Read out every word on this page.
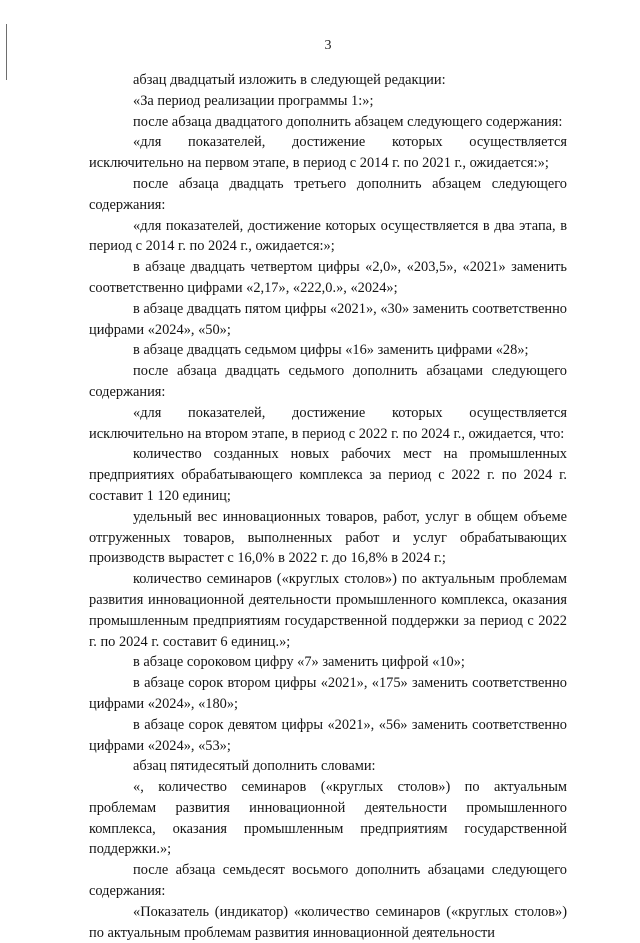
3

абзац двадцатый изложить в следующей редакции:

«За период реализации программы 1:»;

после абзаца двадцатого дополнить абзацем следующего содержания:

«для показателей, достижение которых осуществляется исключительно на первом этапе, в период с 2014 г. по 2021 г., ожидается:»;

после абзаца двадцать третьего дополнить абзацем следующего содержания:

«для показателей, достижение которых осуществляется в два этапа, в период с 2014 г. по 2024 г., ожидается:»;

в абзаце двадцать четвертом цифры «2,0», «203,5», «2021» заменить соответственно цифрами «2,17», «222,0.», «2024»;

в абзаце двадцать пятом цифры «2021», «30» заменить соответственно цифрами «2024», «50»;

в абзаце двадцать седьмом цифры «16» заменить цифрами «28»;

после абзаца двадцать седьмого дополнить абзацами следующего содержания:

«для показателей, достижение которых осуществляется исключительно на втором этапе, в период с 2022 г. по 2024 г., ожидается, что:

количество созданных новых рабочих мест на промышленных предприятиях обрабатывающего комплекса за период с 2022 г. по 2024 г. составит 1 120 единиц;

удельный вес инновационных товаров, работ, услуг в общем объеме отгруженных товаров, выполненных работ и услуг обрабатывающих производств вырастет с 16,0% в 2022 г. до 16,8% в 2024 г.;

количество семинаров («круглых столов») по актуальным проблемам развития инновационной деятельности промышленного комплекса, оказания промышленным предприятиям государственной поддержки за период с 2022 г. по 2024 г. составит 6 единиц.»;

в абзаце сороковом цифру «7» заменить цифрой «10»;

в абзаце сорок втором цифры «2021», «175» заменить соответственно цифрами «2024», «180»;

в абзаце сорок девятом цифры «2021», «56» заменить соответственно цифрами «2024», «53»;

абзац пятидесятый дополнить словами:

«, количество семинаров («круглых столов») по актуальным проблемам развития инновационной деятельности промышленного комплекса, оказания промышленным предприятиям государственной поддержки.»;

после абзаца семьдесят восьмого дополнить абзацами следующего содержания:

«Показатель (индикатор) «количество семинаров («круглых столов») по актуальным проблемам развития инновационной деятельности
